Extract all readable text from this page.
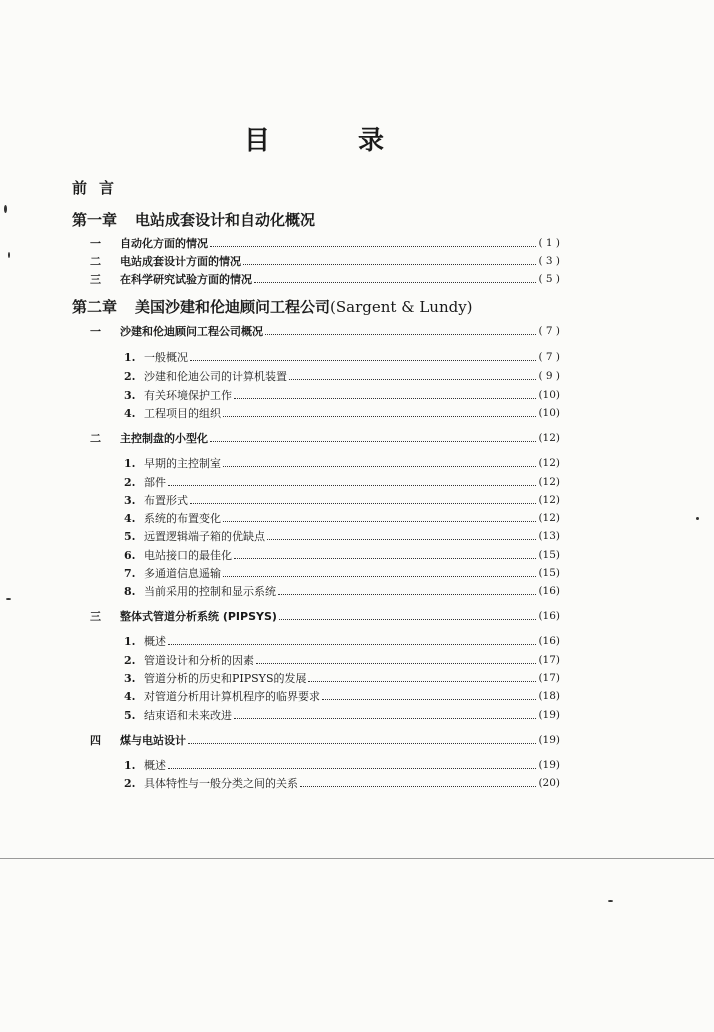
目	录
前言
第一章 电站成套设计和自动化概况
一	自动化方面的情况	( 1 )
二	电站成套设计方面的情况	( 3 )
三	在科学研究试验方面的情况	( 5 )
第二章 美国沙建和伦迪顾问工程公司(Sargent & Lundy)
一	沙建和伦迪顾问工程公司概况	( 7 )
1. 一般概况	( 7 )
2. 沙建和伦迪公司的计算机装置	( 9 )
3. 有关环境保护工作	(10)
4. 工程项目的组织	(10)
二	主控制盘的小型化	(12)
1. 早期的主控制室	(12)
2. 部件	(12)
3. 布置形式	(12)
4. 系统的布置变化	(12)
5. 远置逻辑端子箱的优缺点	(13)
6. 电站接口的最佳化	(15)
7. 多通道信息遥输	(15)
8. 当前采用的控制和显示系统	(16)
三	整体式管道分析系统 (PIPSYS)	(16)
1. 概述	(16)
2. 管道设计和分析的因素	(17)
3. 管道分析的历史和PIPSYS的发展	(17)
4. 对管道分析用计算机程序的临界要求	(18)
5. 结束语和未来改进	(19)
四	煤与电站设计	(19)
1. 概述	(19)
2. 具体特性与一般分类之间的关系	(20)
